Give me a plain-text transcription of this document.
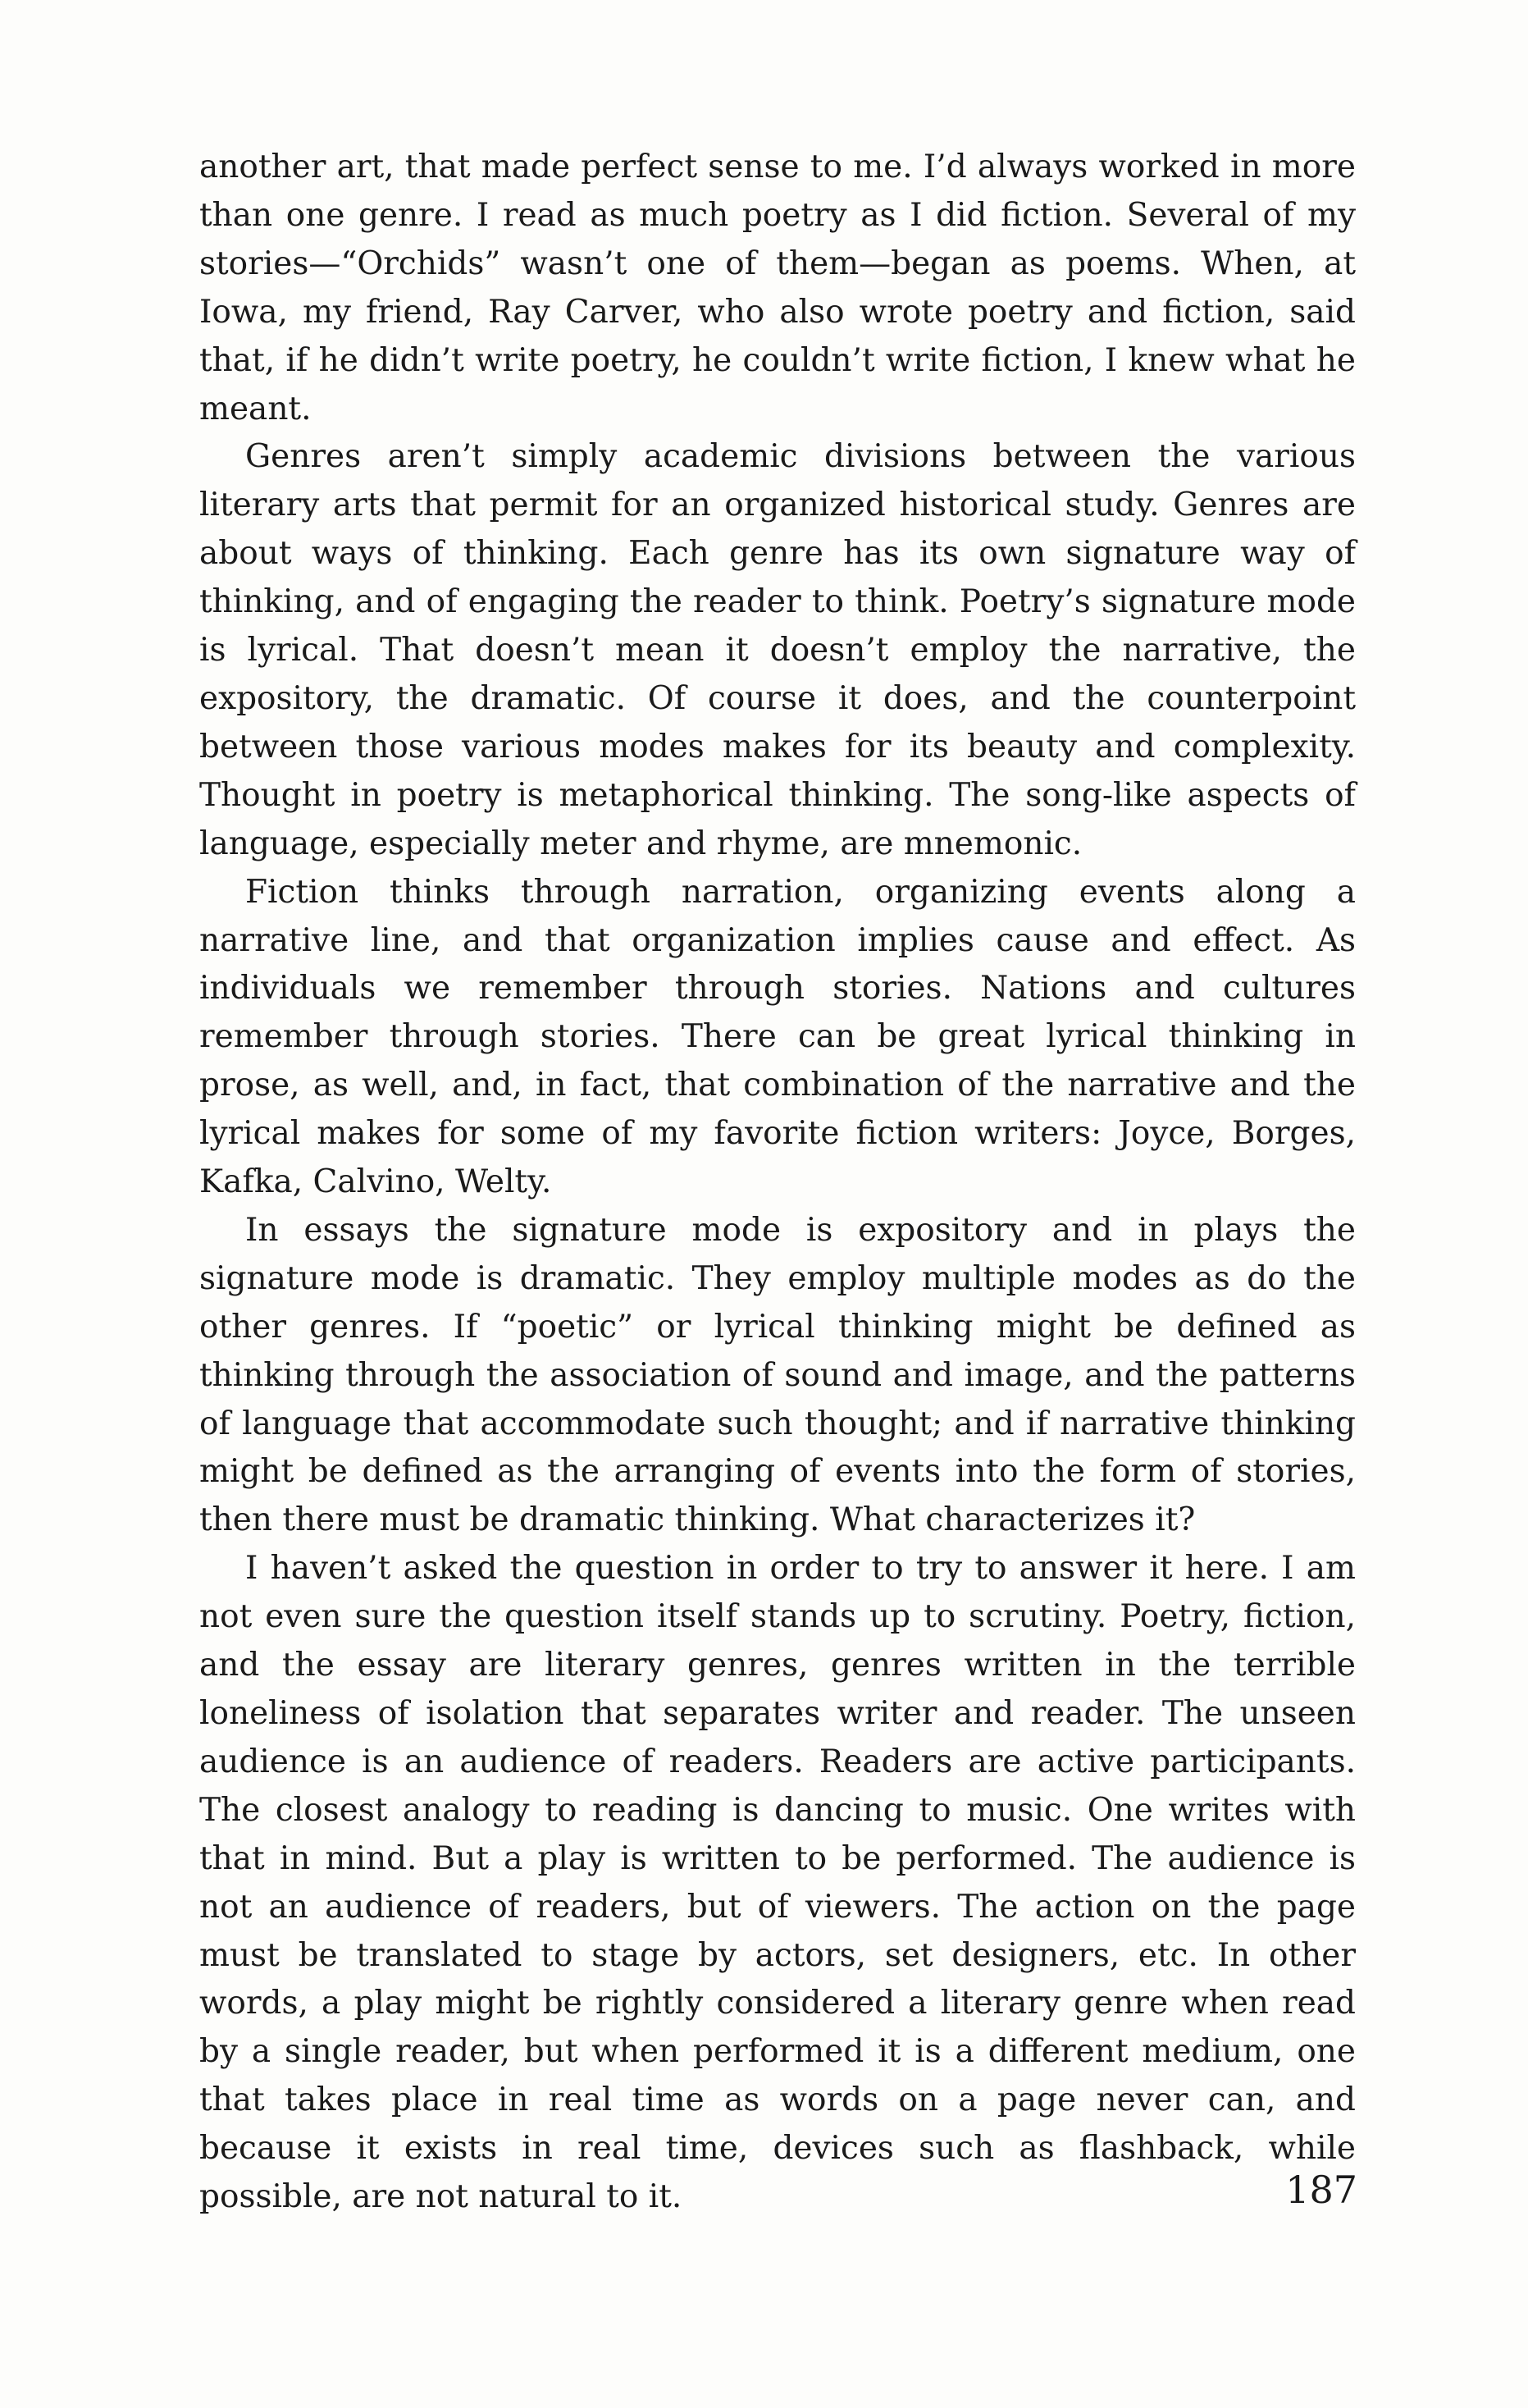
another art, that made perfect sense to me. I’d always worked in more than one genre. I read as much poetry as I did fiction. Several of my stories—“Orchids” wasn’t one of them—began as poems. When, at Iowa, my friend, Ray Carver, who also wrote poetry and fiction, said that, if he didn’t write poetry, he couldn’t write fiction, I knew what he meant.

Genres aren’t simply academic divisions between the various literary arts that permit for an organized historical study. Genres are about ways of thinking. Each genre has its own signature way of thinking, and of engaging the reader to think. Poetry’s signature mode is lyrical. That doesn’t mean it doesn’t employ the narrative, the expository, the dramatic. Of course it does, and the counterpoint between those various modes makes for its beauty and complexity. Thought in poetry is metaphorical thinking. The song-like aspects of language, especially meter and rhyme, are mnemonic.

Fiction thinks through narration, organizing events along a narrative line, and that organization implies cause and effect. As individuals we remember through stories. Nations and cultures remember through stories. There can be great lyrical thinking in prose, as well, and, in fact, that combination of the narrative and the lyrical makes for some of my favorite fiction writers: Joyce, Borges, Kafka, Calvino, Welty.

In essays the signature mode is expository and in plays the signature mode is dramatic. They employ multiple modes as do the other genres. If “poetic” or lyrical thinking might be defined as thinking through the association of sound and image, and the patterns of language that accommodate such thought; and if narrative thinking might be defined as the arranging of events into the form of stories, then there must be dramatic thinking. What characterizes it?

I haven’t asked the question in order to try to answer it here. I am not even sure the question itself stands up to scrutiny. Poetry, fiction, and the essay are literary genres, genres written in the terrible loneliness of isolation that separates writer and reader. The unseen audience is an audience of readers. Readers are active participants. The closest analogy to reading is dancing to music. One writes with that in mind. But a play is written to be performed. The audience is not an audience of readers, but of viewers. The action on the page must be translated to stage by actors, set designers, etc. In other words, a play might be rightly considered a literary genre when read by a single reader, but when performed it is a different medium, one that takes place in real time as words on a page never can, and because it exists in real time, devices such as flashback, while possible, are not natural to it.	187
